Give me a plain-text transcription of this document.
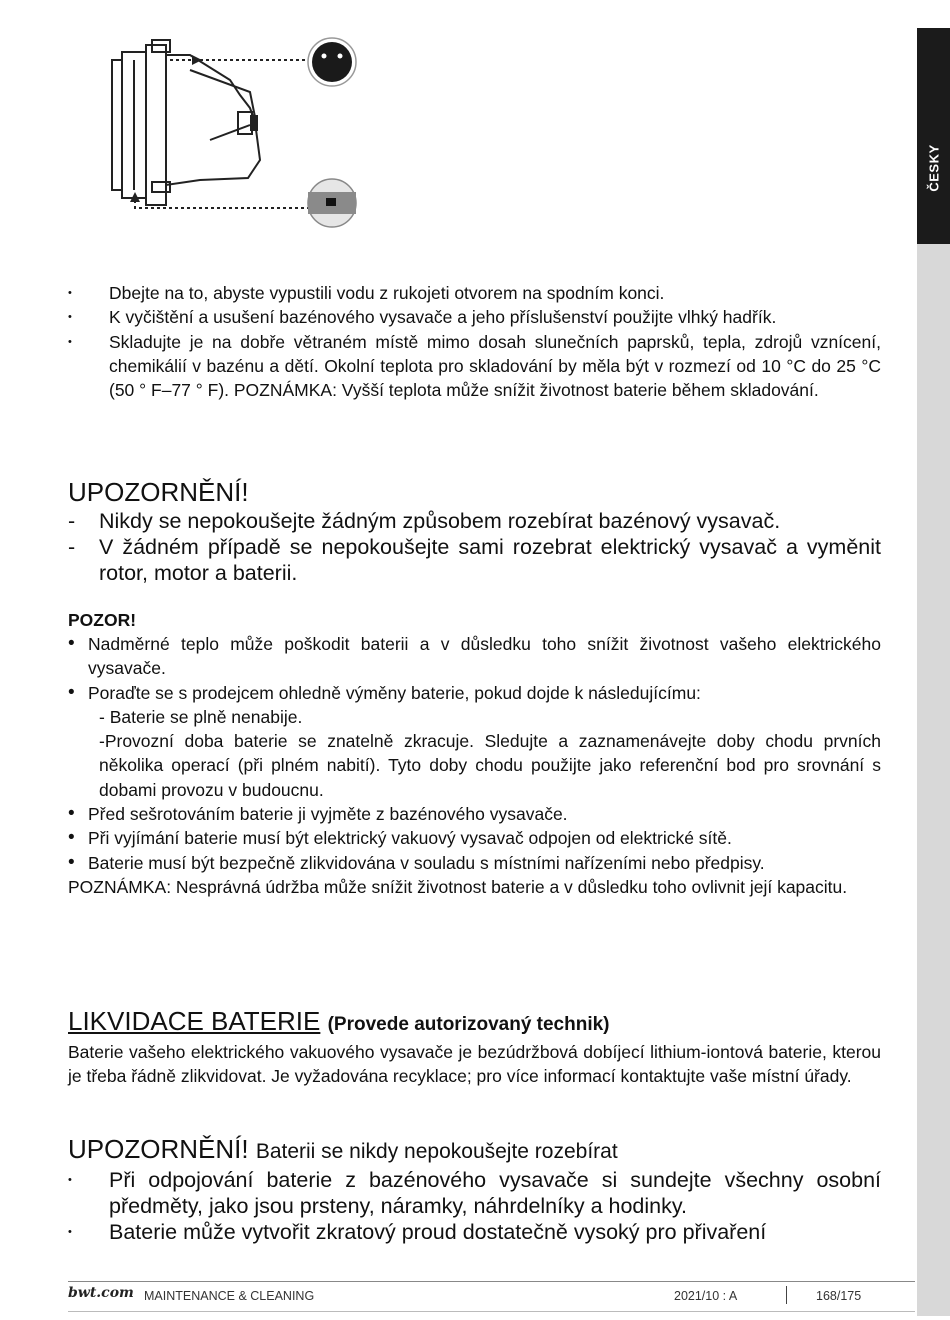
ČESKY
• Dbejte na to, abyste vypustili vodu z rukojeti otvorem na spodním konci.
• K vyčištění a usušení bazénového vysavače a jeho příslušenství použijte vlhký hadřík.
• Skladujte je na dobře větraném místě mimo dosah slunečních paprsků, tepla, zdrojů vznícení, chemikálií v bazénu a dětí. Okolní teplota pro skladování by měla být v rozmezí od 10 °C do 25 °C (50 ° F–77 ° F). POZNÁMKA: Vyšší teplota může snížit životnost baterie během skladování.
UPOZORNĚNÍ!
- Nikdy se nepokoušejte žádným způsobem rozebírat bazénový vysavač.
- V žádném případě se nepokoušejte sami rozebrat elektrický vysavač a vyměnit rotor, motor a baterii.
POZOR!
• Nadměrné teplo může poškodit baterii a v důsledku toho snížit životnost vašeho elektrického vysavače.
• Poraďte se s prodejcem ohledně výměny baterie, pokud dojde k následujícímu:
- Baterie se plně nenabije.
-Provozní doba baterie se znatelně zkracuje. Sledujte a zaznamenávejte doby chodu prvních několika operací (při plném nabití). Tyto doby chodu použijte jako referenční bod pro srovnání s dobami provozu v budoucnu.
• Před sešrotováním baterie ji vyjměte z bazénového vysavače.
• Při vyjímání baterie musí být elektrický vakuový vysavač odpojen od elektrické sítě.
• Baterie musí být bezpečně zlikvidována v souladu s místními nařízeními nebo předpisy.
POZNÁMKA: Nesprávná údržba může snížit životnost baterie a v důsledku toho ovlivnit její kapacitu.
LIKVIDACE BATERIE (Provede autorizovaný technik)
Baterie vašeho elektrického vakuového vysavače je bezúdržbová dobíjecí lithium-iontová baterie, kterou je třeba řádně zlikvidovat. Je vyžadována recyklace; pro více informací kontaktujte vaše místní úřady.
UPOZORNĚNÍ! Baterii se nikdy nepokoušejte rozebírat
• Při odpojování baterie z bazénového vysavače si sundejte všechny osobní předměty, jako jsou prsteny, náramky, náhrdelníky a hodinky.
• Baterie může vytvořit zkratový proud dostatečně vysoký pro přivaření
bwt.com MAINTENANCE & CLEANING	2021/10 : A	168/175
